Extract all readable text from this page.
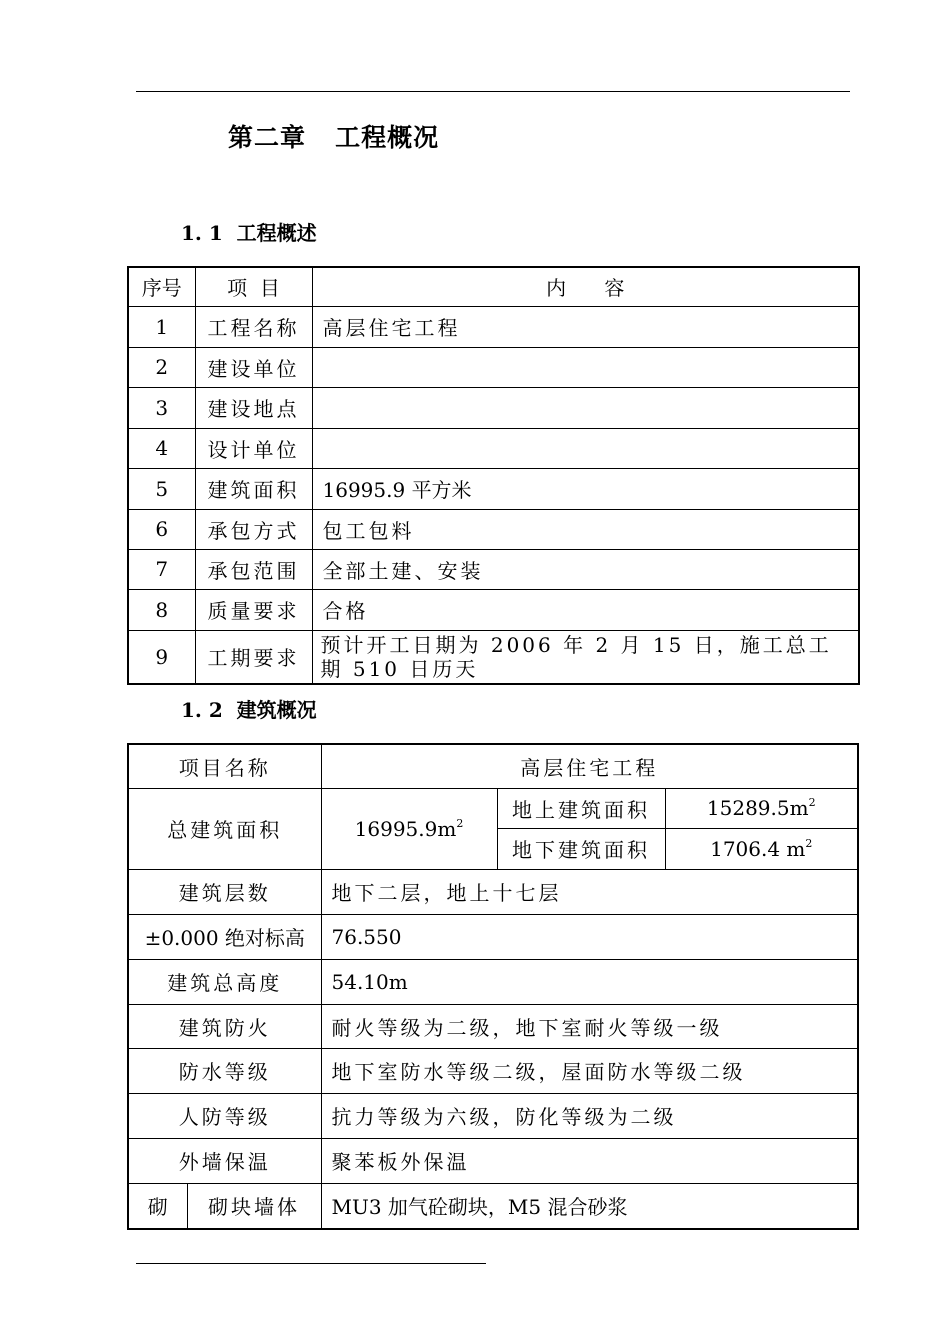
第二章   工程概况
1. 1  工程概述
序号	项  目	内      容
1	工程名称	高层住宅工程
2	建设单位	
3	建设地点	
4	设计单位	
5	建筑面积	16995.9 平方米
6	承包方式	包工包料
7	承包范围	全部土建、安装
8	质量要求	合格
9	工期要求	预计开工日期为 2006 年 2 月 15 日，施工总工期 510 日历天
1. 2  建筑概况
项目名称		高层住宅工程		
总建筑面积		$16995.9m^2$	地上建筑面积	$15289.5m^2$
			地下建筑面积	1706.4 $m^2$
建筑层数		地下二层，地上十七层		
±0.000 绝对标高		76.550		
建筑总高度		54.10m		
建筑防火		耐火等级为二级，地下室耐火等级一级		
防水等级		地下室防水等级二级，屋面防水等级二级		
人防等级		抗力等级为六级，防化等级为二级		
外墙保温		聚苯板外保温		
砌	砌块墙体	MU3 加气砼砌块，M5 混合砂浆		
